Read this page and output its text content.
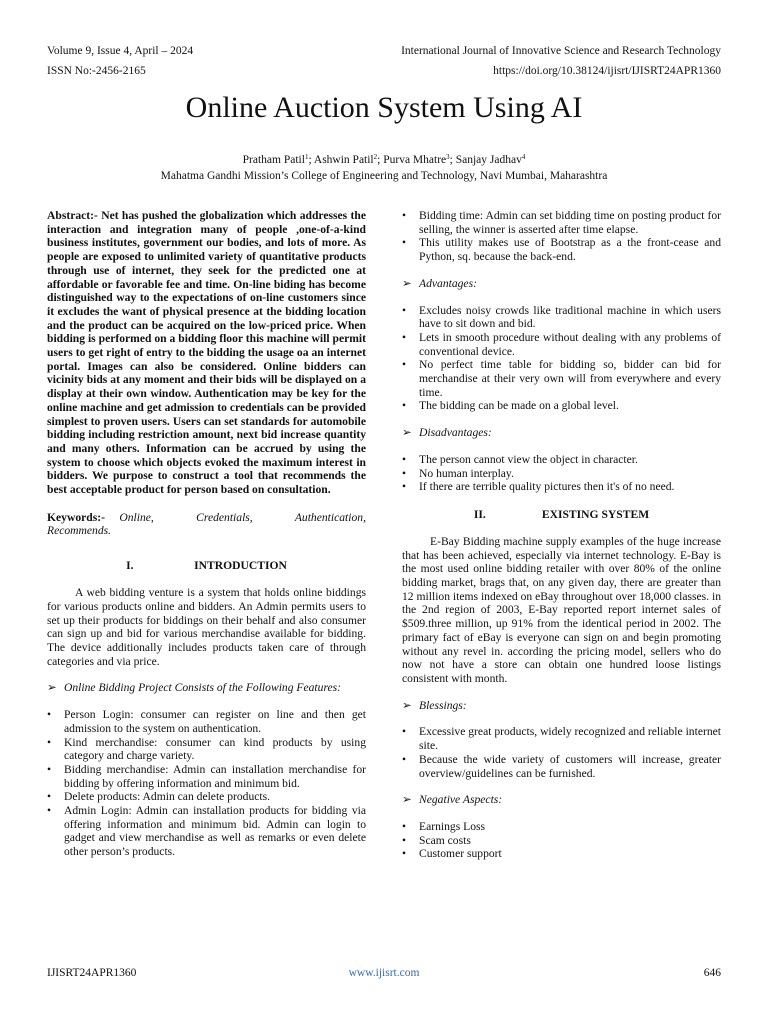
Volume 9, Issue 4, April – 2024	International Journal of Innovative Science and Research Technology
ISSN No:-2456-2165	https://doi.org/10.38124/ijisrt/IJISRT24APR1360
Online Auction System Using AI
Pratham Patil$^1$; Ashwin Patil$^2$; Purva Mhatre$^3$; Sanjay Jadhav$^4$
Mahatma Gandhi Mission’s College of Engineering and Technology, Navi Mumbai, Maharashtra

Abstract:- Net has pushed the globalization which addresses the interaction and integration many of people ,one-of-a-kind business institutes, government our bodies, and lots of more. As people are exposed to unlimited variety of quantitative products through use of internet, they seek for the predicted one at affordable or favorable fee and time. On-line biding has become distinguished way to the expectations of on-line customers since it excludes the want of physical presence at the bidding location and the product can be acquired on the low-priced price. When bidding is performed on a bidding floor this machine will permit users to get right of entry to the bidding the usage oa an internet portal. Images can also be considered. Online bidders can vicinity bids at any moment and their bids will be displayed on a display at their own window. Authentication may be key for the online machine and get admission to credentials can be provided simplest to proven users. Users can set standards for automobile bidding including restriction amount, next bid increase quantity and many others. Information can be accrued by using the system to choose which objects evoked the maximum interest in bidders. We purpose to construct a tool that recommends the best acceptable product for person based on consultation.

Keywords:- Online, Credentials, Authentication, Recommends.

I.	INTRODUCTION

A web bidding venture is a system that holds online biddings for various products online and bidders. An Admin permits users to set up their products for biddings on their behalf and also consumer can sign up and bid for various merchandise available for bidding. The device additionally includes products taken care of through categories and via price.

➢ Online Bidding Project Consists of the Following Features:

• Person Login: consumer can register on line and then get admission to the system on authentication.
• Kind merchandise: consumer can kind products by using category and charge variety.
• Bidding merchandise: Admin can installation merchandise for bidding by offering information and minimum bid.
• Delete products: Admin can delete products.
• Admin Login: Admin can installation products for bidding via offering information and minimum bid. Admin can login to gadget and view merchandise as well as remarks or even delete other person’s products.
• Bidding time: Admin can set bidding time on posting product for selling, the winner is asserted after time elapse.
• This utility makes use of Bootstrap as a the front-cease and Python, sq. because the back-end.

➢ Advantages:

• Excludes noisy crowds like traditional machine in which users have to sit down and bid.
• Lets in smooth procedure without dealing with any problems of conventional device.
• No perfect time table for bidding so, bidder can bid for merchandise at their very own will from everywhere and every time.
• The bidding can be made on a global level.

➢ Disadvantages:

• The person cannot view the object in character.
• No human interplay.
• If there are terrible quality pictures then it's of no need.
II.	EXISTING SYSTEM

E-Bay Bidding machine supply examples of the huge increase that has been achieved, especially via internet technology. E-Bay is the most used online bidding retailer with over 80% of the online bidding market, brags that, on any given day, there are greater than 12 million items indexed on eBay throughout over 18,000 classes. in the 2nd region of 2003, E-Bay reported report internet sales of $509.three million, up 91% from the identical period in 2002. The primary fact of eBay is everyone can sign on and begin promoting without any revel in. according the pricing model, sellers who do now not have a store can obtain one hundred loose listings consistent with month.

➢ Blessings:

• Excessive great products, widely recognized and reliable internet site.
• Because the wide variety of customers will increase, greater overview/guidelines can be furnished.

➢ Negative Aspects:

• Earnings Loss
• Scam costs
• Customer support
IJISRT24APR1360	www.ijisrt.com	646
